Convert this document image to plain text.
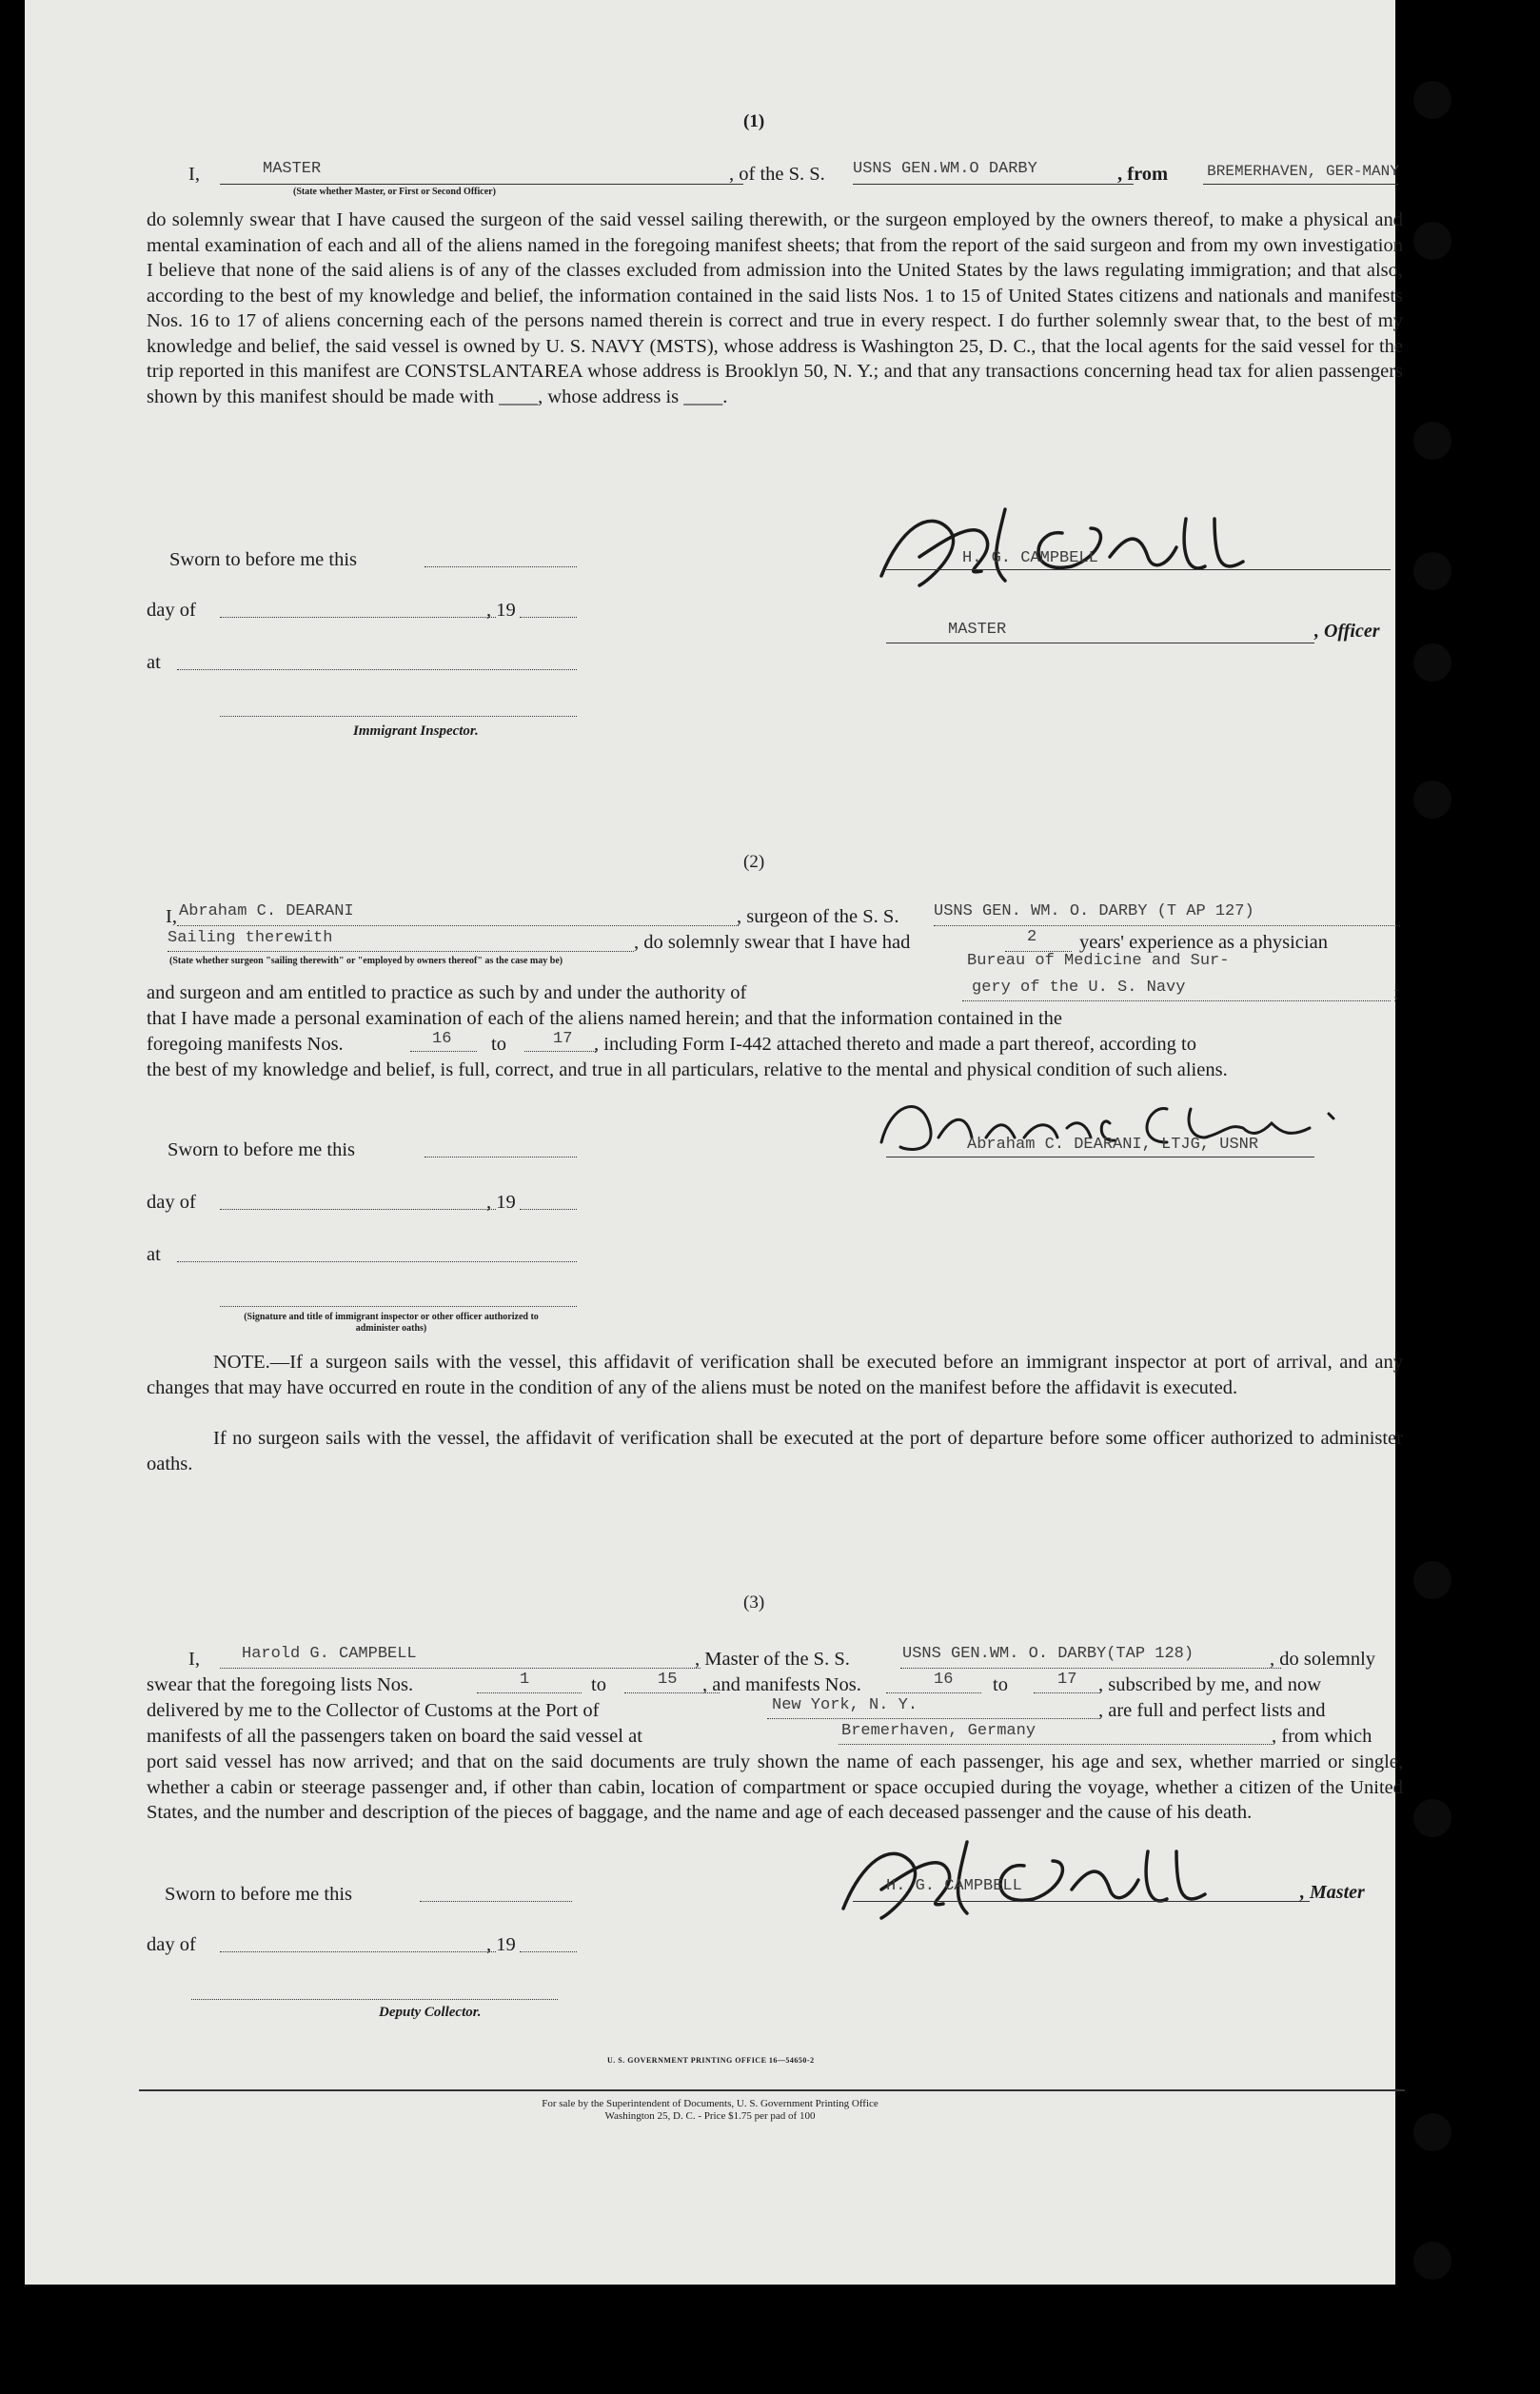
(1)
I,	MASTER
(State whether Master, or First or Second Officer)
, of the S. S. USNS GEN.WM.O DARBY	, from	BREMERHAVEN, GER-MANY
do solemnly swear that I have caused the surgeon of the said vessel sailing therewith, or the surgeon employed by the owners thereof, to make a physical and mental examination of each and all of the aliens named in the foregoing manifest sheets; that from the report of the said surgeon and from my own investigation I believe that none of the said aliens is of any of the classes excluded from admission into the United States by the laws regulating immigration; and that also, according to the best of my knowledge and belief, the information contained in the said lists Nos. 1 to 15 of United States citizens and nationals and manifests Nos. 16 to 17 of aliens concerning each of the persons named therein is correct and true in every respect. I do further solemnly swear that, to the best of my knowledge and belief, the said vessel is owned by U. S. NAVY (MSTS), whose address is Washington 25, D. C., that the local agents for the said vessel for the trip reported in this manifest are CONSTSLANTAREA whose address is Brooklyn 50, N. Y.; and that any transactions concerning head tax for alien passengers shown by this manifest should be made with ____, whose address is ____.
Sworn to before me this
day of	, 19
at
Immigrant Inspector.
H. G. CAMPBELL
MASTER	, Officer
(2)
I, Abraham C. DEARANI	, surgeon of the S. S. USNS GEN. WM. O. DARBY (T AP 127)
Sailing therewith	, do solemnly swear that I have had	2 years' experience as a physician
(State whether surgeon "sailing therewith" or "employed by owners thereof" as the case may be)	Bureau of Medicine and Sur-
and surgeon and am entitled to practice as such by and under the authority of	gery of the U. S. Navy	;
that I have made a personal examination of each of the aliens named herein; and that the information contained in the
foregoing manifests Nos.	16 to	17 , including Form I-442 attached thereto and made a part thereof, according to
the best of my knowledge and belief, is full, correct, and true in all particulars, relative to the mental and physical condition of such aliens.
Sworn to before me this
day of	, 19
at
(Signature and title of immigrant inspector or other officer authorized to administer oaths)
Abraham C. DEARANI, LTJG, USNR
NOTE.—If a surgeon sails with the vessel, this affidavit of verification shall be executed before an immigrant inspector at port of arrival, and any changes that may have occurred en route in the condition of any of the aliens must be noted on the manifest before the affidavit is executed.
If no surgeon sails with the vessel, the affidavit of verification shall be executed at the port of departure before some officer authorized to administer oaths.
(3)
I,	Harold G. CAMPBELL	, Master of the S. S.	USNS GEN.WM. O. DARBY(TAP 128)	, do solemnly
swear that the foregoing lists Nos.	1	to	15 , and manifests Nos.	16 to	17 , subscribed by me, and now
delivered by me to the Collector of Customs at the Port of	New York, N. Y.	, are full and perfect lists and
manifests of all the passengers taken on board the said vessel at	Bremerhaven, Germany	, from which
port said vessel has now arrived; and that on the said documents are truly shown the name of each passenger, his age and sex, whether married or single, whether a cabin or steerage passenger and, if other than cabin, location of compartment or space occupied during the voyage, whether a citizen of the United States, and the number and description of the pieces of baggage, and the name and age of each deceased passenger and the cause of his death.
Sworn to before me this	H. G. CAMPBELL	, Master
day of	, 19
Deputy Collector.
U. S. GOVERNMENT PRINTING OFFICE 16—54650-2
For sale by the Superintendent of Documents, U. S. Government Printing Office
Washington 25, D. C. - Price $1.75 per pad of 100
